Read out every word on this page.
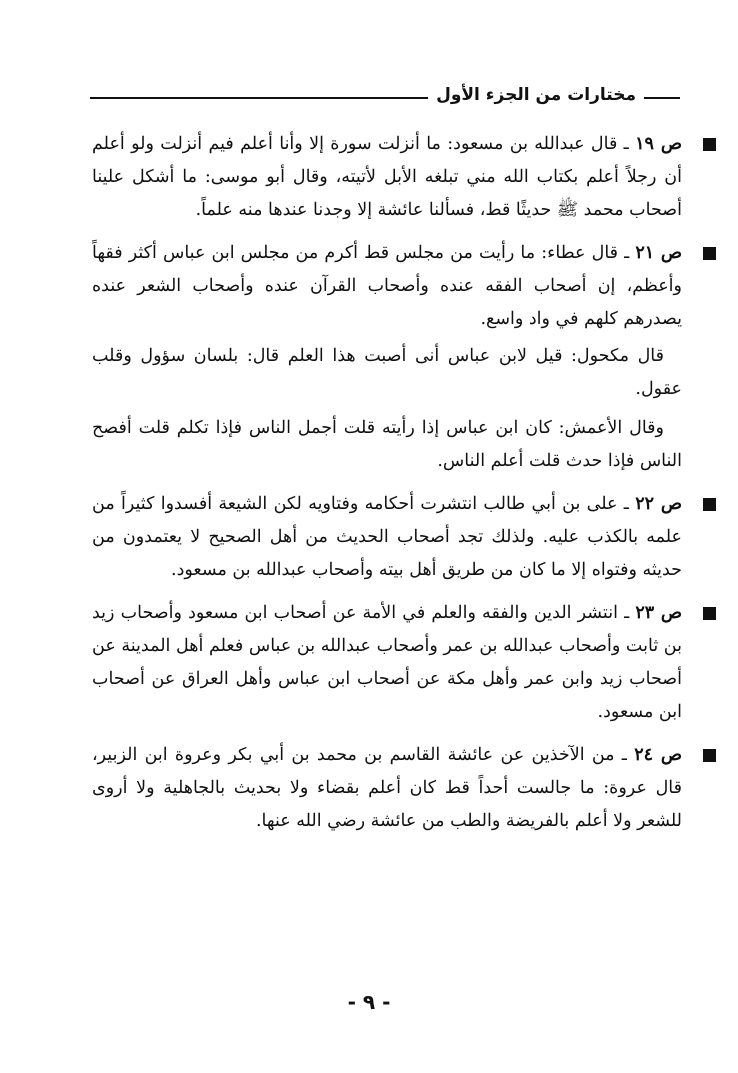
مختارات من الجزء الأول

ص ١٩ ـ قال عبدالله بن مسعود: ما أنزلت سورة إلا وأنا أعلم فيم أنزلت ولو أعلم أن رجلاً أعلم بكتاب الله مني تبلغه الأبل لأتيته، وقال أبو موسى: ما أشكل علينا أصحاب محمد ﷺ حديثًا قط، فسألنا عائشة إلا وجدنا عندها منه علماً.

ص ٢١ ـ قال عطاء: ما رأيت من مجلس قط أكرم من مجلس ابن عباس أكثر فقهاً وأعظم، إن أصحاب الفقه عنده وأصحاب القرآن عنده وأصحاب الشعر عنده يصدرهم كلهم في واد واسع.

قال مكحول: قيل لابن عباس أنى أصبت هذا العلم قال: بلسان سؤول وقلب عقول.

وقال الأعمش: كان ابن عباس إذا رأيته قلت أجمل الناس فإذا تكلم قلت أفصح الناس فإذا حدث قلت أعلم الناس.

ص ٢٢ ـ على بن أبي طالب انتشرت أحكامه وفتاويه لكن الشيعة أفسدوا كثيراً من علمه بالكذب عليه. ولذلك تجد أصحاب الحديث من أهل الصحيح لا يعتمدون من حديثه وفتواه إلا ما كان من طريق أهل بيته وأصحاب عبدالله بن مسعود.

ص ٢٣ ـ انتشر الدين والفقه والعلم في الأمة عن أصحاب ابن مسعود وأصحاب زيد بن ثابت وأصحاب عبدالله بن عمر وأصحاب عبدالله بن عباس فعلم أهل المدينة عن أصحاب زيد وابن عمر وأهل مكة عن أصحاب ابن عباس وأهل العراق عن أصحاب ابن مسعود.

ص ٢٤ ـ من الآخذين عن عائشة القاسم بن محمد بن أبي بكر وعروة ابن الزبير، قال عروة: ما جالست أحداً قط كان أعلم بقضاء ولا بحديث بالجاهلية ولا أروى للشعر ولا أعلم بالفريضة والطب من عائشة رضي الله عنها.

- ٩ -
